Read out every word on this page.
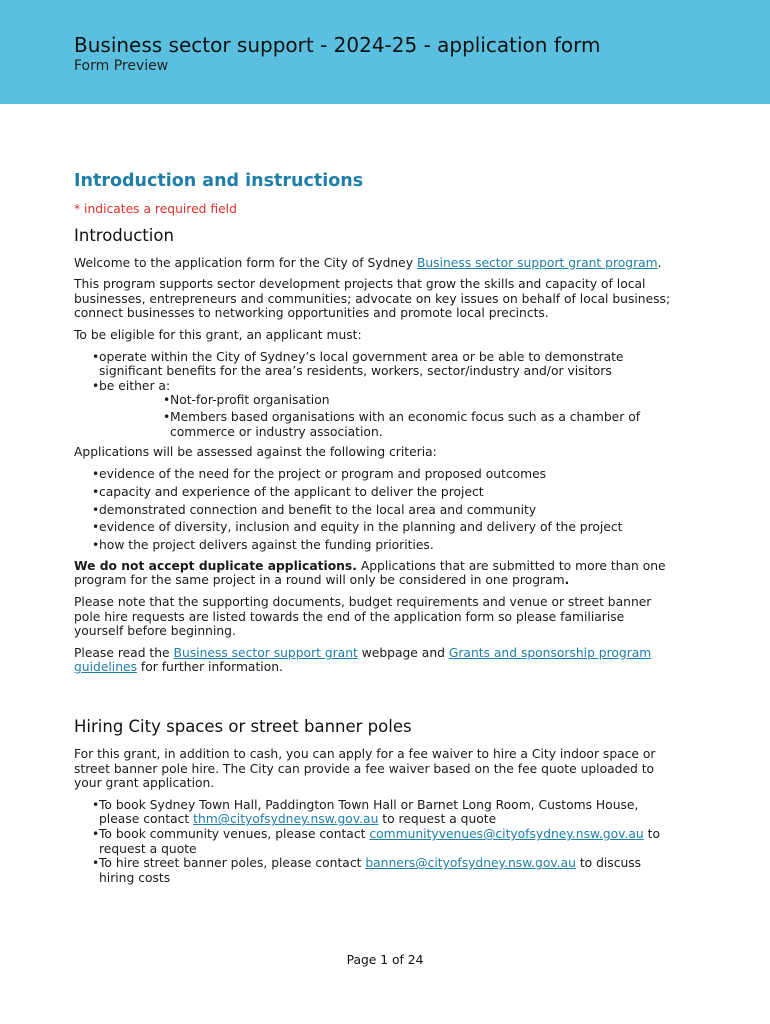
Business sector support - 2024-25 - application form
Form Preview
Introduction and instructions
* indicates a required field
Introduction

Welcome to the application form for the City of Sydney Business sector support grant program.

This program supports sector development projects that grow the skills and capacity of local businesses, entrepreneurs and communities; advocate on key issues on behalf of local business; connect businesses to networking opportunities and promote local precincts.

To be eligible for this grant, an applicant must:

• operate within the City of Sydney’s local government area or be able to demonstrate significant benefits for the area’s residents, workers, sector/industry and/or visitors
• be either a:
• Not-for-profit organisation
• Members based organisations with an economic focus such as a chamber of commerce or industry association.

Applications will be assessed against the following criteria:

• evidence of the need for the project or program and proposed outcomes
• capacity and experience of the applicant to deliver the project
• demonstrated connection and benefit to the local area and community
• evidence of diversity, inclusion and equity in the planning and delivery of the project
• how the project delivers against the funding priorities.

We do not accept duplicate applications. Applications that are submitted to more than one program for the same project in a round will only be considered in one program.

Please note that the supporting documents, budget requirements and venue or street banner pole hire requests are listed towards the end of the application form so please familiarise yourself before beginning.

Please read the Business sector support grant webpage and Grants and sponsorship program guidelines for further information.

Hiring City spaces or street banner poles

For this grant, in addition to cash, you can apply for a fee waiver to hire a City indoor space or street banner pole hire. The City can provide a fee waiver based on the fee quote uploaded to your grant application.

• To book Sydney Town Hall, Paddington Town Hall or Barnet Long Room, Customs House, please contact thm@cityofsydney.nsw.gov.au to request a quote
• To book community venues, please contact communityvenues@cityofsydney.nsw.gov.au to request a quote
• To hire street banner poles, please contact banners@cityofsydney.nsw.gov.au to discuss hiring costs
Page 1 of 24
